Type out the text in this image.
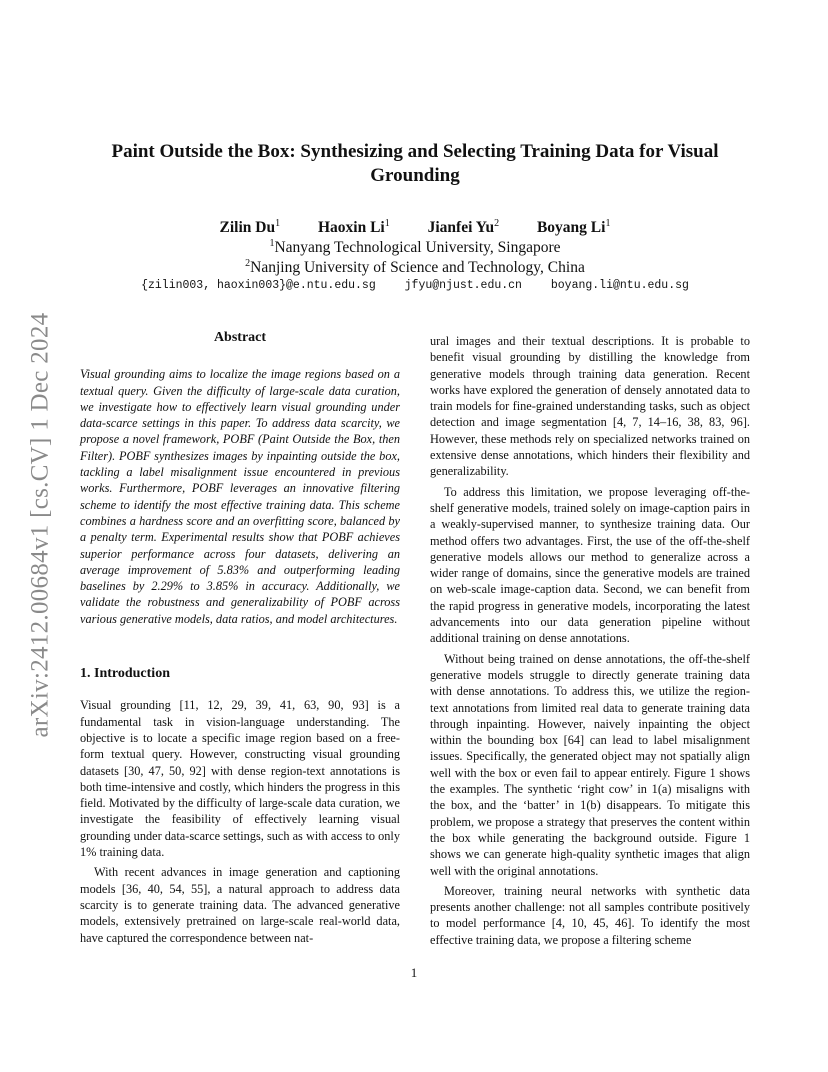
arXiv:2412.00684v1 [cs.CV] 1 Dec 2024
Paint Outside the Box: Synthesizing and Selecting Training Data for Visual Grounding
Zilin Du$^1$ Haoxin Li$^1$ Jianfei Yu$^2$ Boyang Li$^1$
$^1$Nanyang Technological University, Singapore
$^2$Nanjing University of Science and Technology, China
{zilin003, haoxin003}@e.ntu.edu.sg	jfyu@njust.edu.cn	boyang.li@ntu.edu.sg
Abstract

Visual grounding aims to localize the image regions based on a textual query. Given the difficulty of large-scale data curation, we investigate how to effectively learn visual grounding under data-scarce settings in this paper. To address data scarcity, we propose a novel framework, POBF (Paint Outside the Box, then Filter). POBF synthesizes images by inpainting outside the box, tackling a label misalignment issue encountered in previous works. Furthermore, POBF leverages an innovative filtering scheme to identify the most effective training data. This scheme combines a hardness score and an overfitting score, balanced by a penalty term. Experimental results show that POBF achieves superior performance across four datasets, delivering an average improvement of 5.83% and outperforming leading baselines by 2.29% to 3.85% in accuracy. Additionally, we validate the robustness and generalizability of POBF across various generative models, data ratios, and model architectures.

1. Introduction

Visual grounding [11, 12, 29, 39, 41, 63, 90, 93] is a fundamental task in vision-language understanding. The objective is to locate a specific image region based on a free-form textual query. However, constructing visual grounding datasets [30, 47, 50, 92] with dense region-text annotations is both time-intensive and costly, which hinders the progress in this field. Motivated by the difficulty of large-scale data curation, we investigate the feasibility of effectively learning visual grounding under data-scarce settings, such as with access to only 1% training data.

With recent advances in image generation and captioning models [36, 40, 54, 55], a natural approach to address data scarcity is to generate training data. The advanced generative models, extensively pretrained on large-scale real-world data, have captured the correspondence between nat-

ural images and their textual descriptions. It is probable to benefit visual grounding by distilling the knowledge from generative models through training data generation. Recent works have explored the generation of densely annotated data to train models for fine-grained understanding tasks, such as object detection and image segmentation [4, 7, 14–16, 38, 83, 96]. However, these methods rely on specialized networks trained on extensive dense annotations, which hinders their flexibility and generalizability.

To address this limitation, we propose leveraging off-the-shelf generative models, trained solely on image-caption pairs in a weakly-supervised manner, to synthesize training data. Our method offers two advantages. First, the use of the off-the-shelf generative models allows our method to generalize across a wider range of domains, since the generative models are trained on web-scale image-caption data. Second, we can benefit from the rapid progress in generative models, incorporating the latest advancements into our data generation pipeline without additional training on dense annotations.

Without being trained on dense annotations, the off-the-shelf generative models struggle to directly generate training data with dense annotations. To address this, we utilize the region-text annotations from limited real data to generate training data through inpainting. However, naively inpainting the object within the bounding box [64] can lead to label misalignment issues. Specifically, the generated object may not spatially align well with the box or even fail to appear entirely. Figure 1 shows the examples. The synthetic ‘right cow’ in 1(a) misaligns with the box, and the ‘batter’ in 1(b) disappears. To mitigate this problem, we propose a strategy that preserves the content within the box while generating the background outside. Figure 1 shows we can generate high-quality synthetic images that align well with the original annotations.

Moreover, training neural networks with synthetic data presents another challenge: not all samples contribute positively to model performance [4, 10, 45, 46]. To identify the most effective training data, we propose a filtering scheme

1
